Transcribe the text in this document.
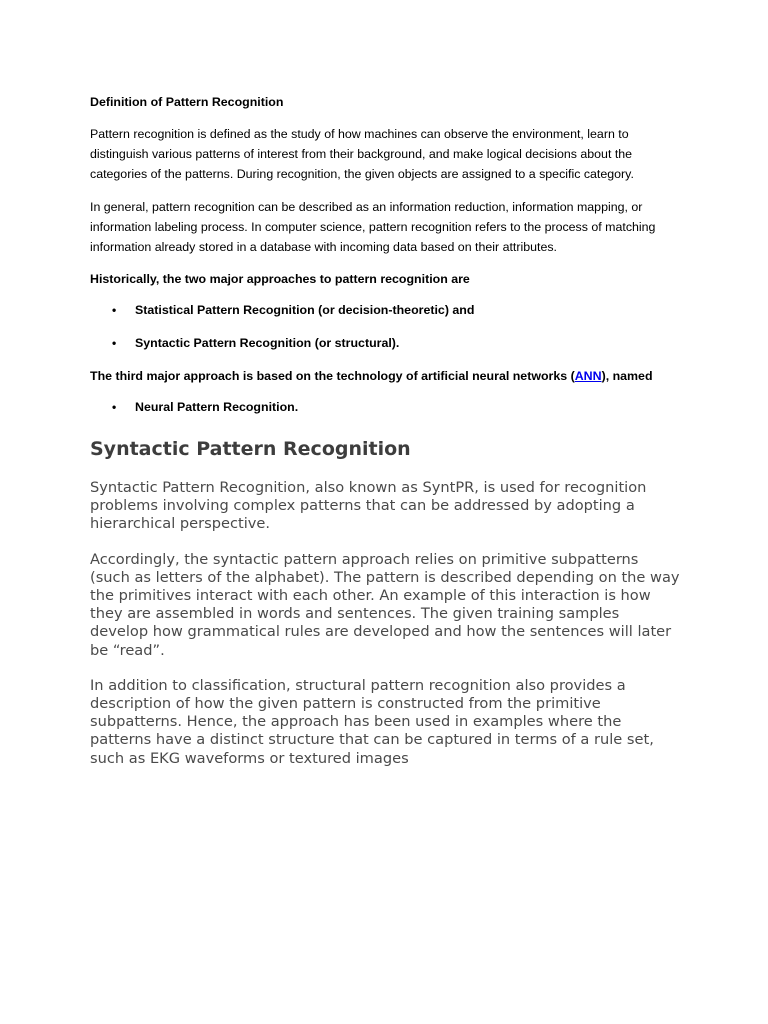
Definition of Pattern Recognition

Pattern recognition is defined as the study of how machines can observe the environment, learn to distinguish various patterns of interest from their background, and make logical decisions about the categories of the patterns. During recognition, the given objects are assigned to a specific category.

In general, pattern recognition can be described as an information reduction, information mapping, or information labeling process. In computer science, pattern recognition refers to the process of matching information already stored in a database with incoming data based on their attributes.

Historically, the two major approaches to pattern recognition are

• Statistical Pattern Recognition (or decision-theoretic) and
• Syntactic Pattern Recognition (or structural).

The third major approach is based on the technology of artificial neural networks (ANN), named

• Neural Pattern Recognition.
Syntactic Pattern Recognition

Syntactic Pattern Recognition, also known as SyntPR, is used for recognition problems involving complex patterns that can be addressed by adopting a hierarchical perspective.

Accordingly, the syntactic pattern approach relies on primitive subpatterns (such as letters of the alphabet). The pattern is described depending on the way the primitives interact with each other. An example of this interaction is how they are assembled in words and sentences. The given training samples develop how grammatical rules are developed and how the sentences will later be “read”.

In addition to classification, structural pattern recognition also provides a description of how the given pattern is constructed from the primitive subpatterns. Hence, the approach has been used in examples where the patterns have a distinct structure that can be captured in terms of a rule set, such as EKG waveforms or textured images
